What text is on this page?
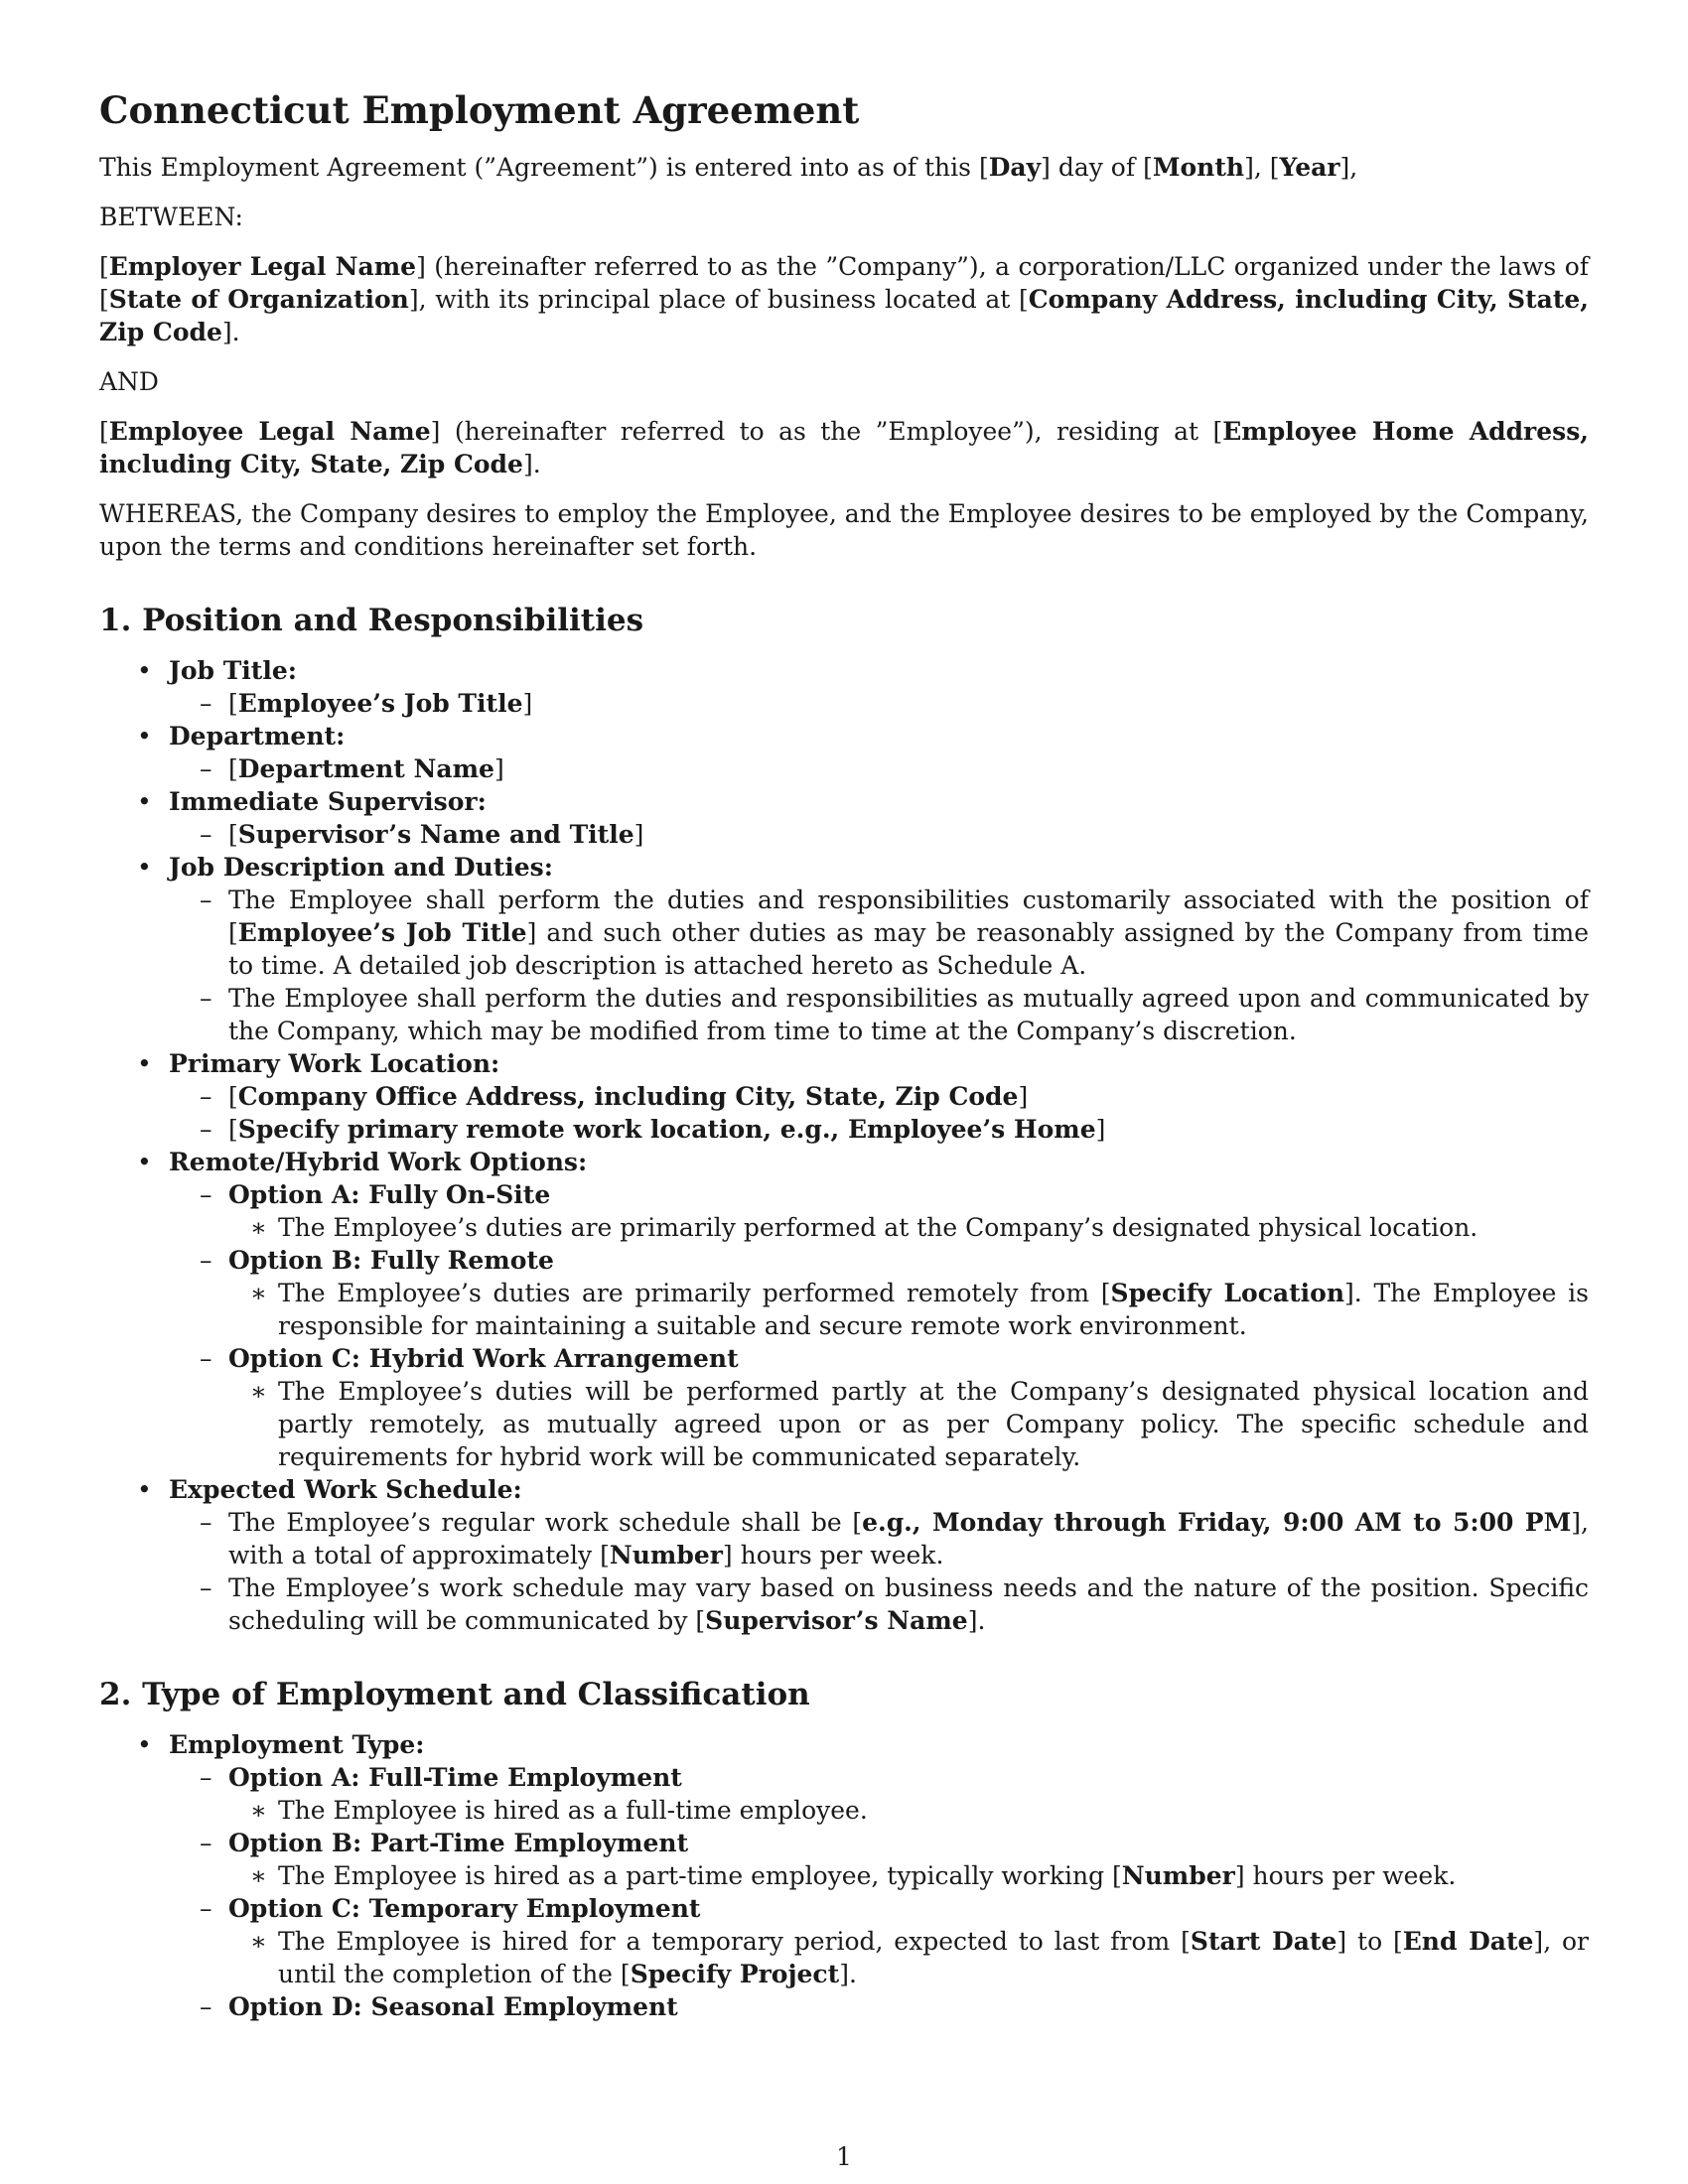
Connecticut Employment Agreement

This Employment Agreement (”Agreement”) is entered into as of this [Day] day of [Month], [Year],

BETWEEN:

[Employer Legal Name] (hereinafter referred to as the ”Company”), a corporation/LLC organized under the laws of [State of Organization], with its principal place of business located at [Company Address, including City, State, Zip Code].

AND

[Employee Legal Name] (hereinafter referred to as the ”Employee”), residing at [Employee Home Address, including City, State, Zip Code].

WHEREAS, the Company desires to employ the Employee, and the Employee desires to be employed by the Company, upon the terms and conditions hereinafter set forth.

1. Position and Responsibilities
• Job Title:
– [Employee’s Job Title]
• Department:
– [Department Name]
• Immediate Supervisor:
– [Supervisor’s Name and Title]
• Job Description and Duties:
– The Employee shall perform the duties and responsibilities customarily associated with the position of [Employee’s Job Title] and such other duties as may be reasonably assigned by the Company from time to time. A detailed job description is attached hereto as Schedule A.
– The Employee shall perform the duties and responsibilities as mutually agreed upon and communicated by the Company, which may be modified from time to time at the Company’s discretion.
• Primary Work Location:
– [Company Office Address, including City, State, Zip Code]
– [Specify primary remote work location, e.g., Employee’s Home]
• Remote/Hybrid Work Options:
– Option A: Fully On-Site
∗ The Employee’s duties are primarily performed at the Company’s designated physical location.
– Option B: Fully Remote
∗ The Employee’s duties are primarily performed remotely from [Specify Location]. The Employee is responsible for maintaining a suitable and secure remote work environment.
– Option C: Hybrid Work Arrangement
∗ The Employee’s duties will be performed partly at the Company’s designated physical location and partly remotely, as mutually agreed upon or as per Company policy. The specific schedule and requirements for hybrid work will be communicated separately.
• Expected Work Schedule:
– The Employee’s regular work schedule shall be [e.g., Monday through Friday, 9:00 AM to 5:00 PM], with a total of approximately [Number] hours per week.
– The Employee’s work schedule may vary based on business needs and the nature of the position. Specific scheduling will be communicated by [Supervisor’s Name].
2. Type of Employment and Classification
• Employment Type:
– Option A: Full-Time Employment
∗ The Employee is hired as a full-time employee.
– Option B: Part-Time Employment
∗ The Employee is hired as a part-time employee, typically working [Number] hours per week.
– Option C: Temporary Employment
∗ The Employee is hired for a temporary period, expected to last from [Start Date] to [End Date], or until the completion of the [Specify Project].
– Option D: Seasonal Employment
1
